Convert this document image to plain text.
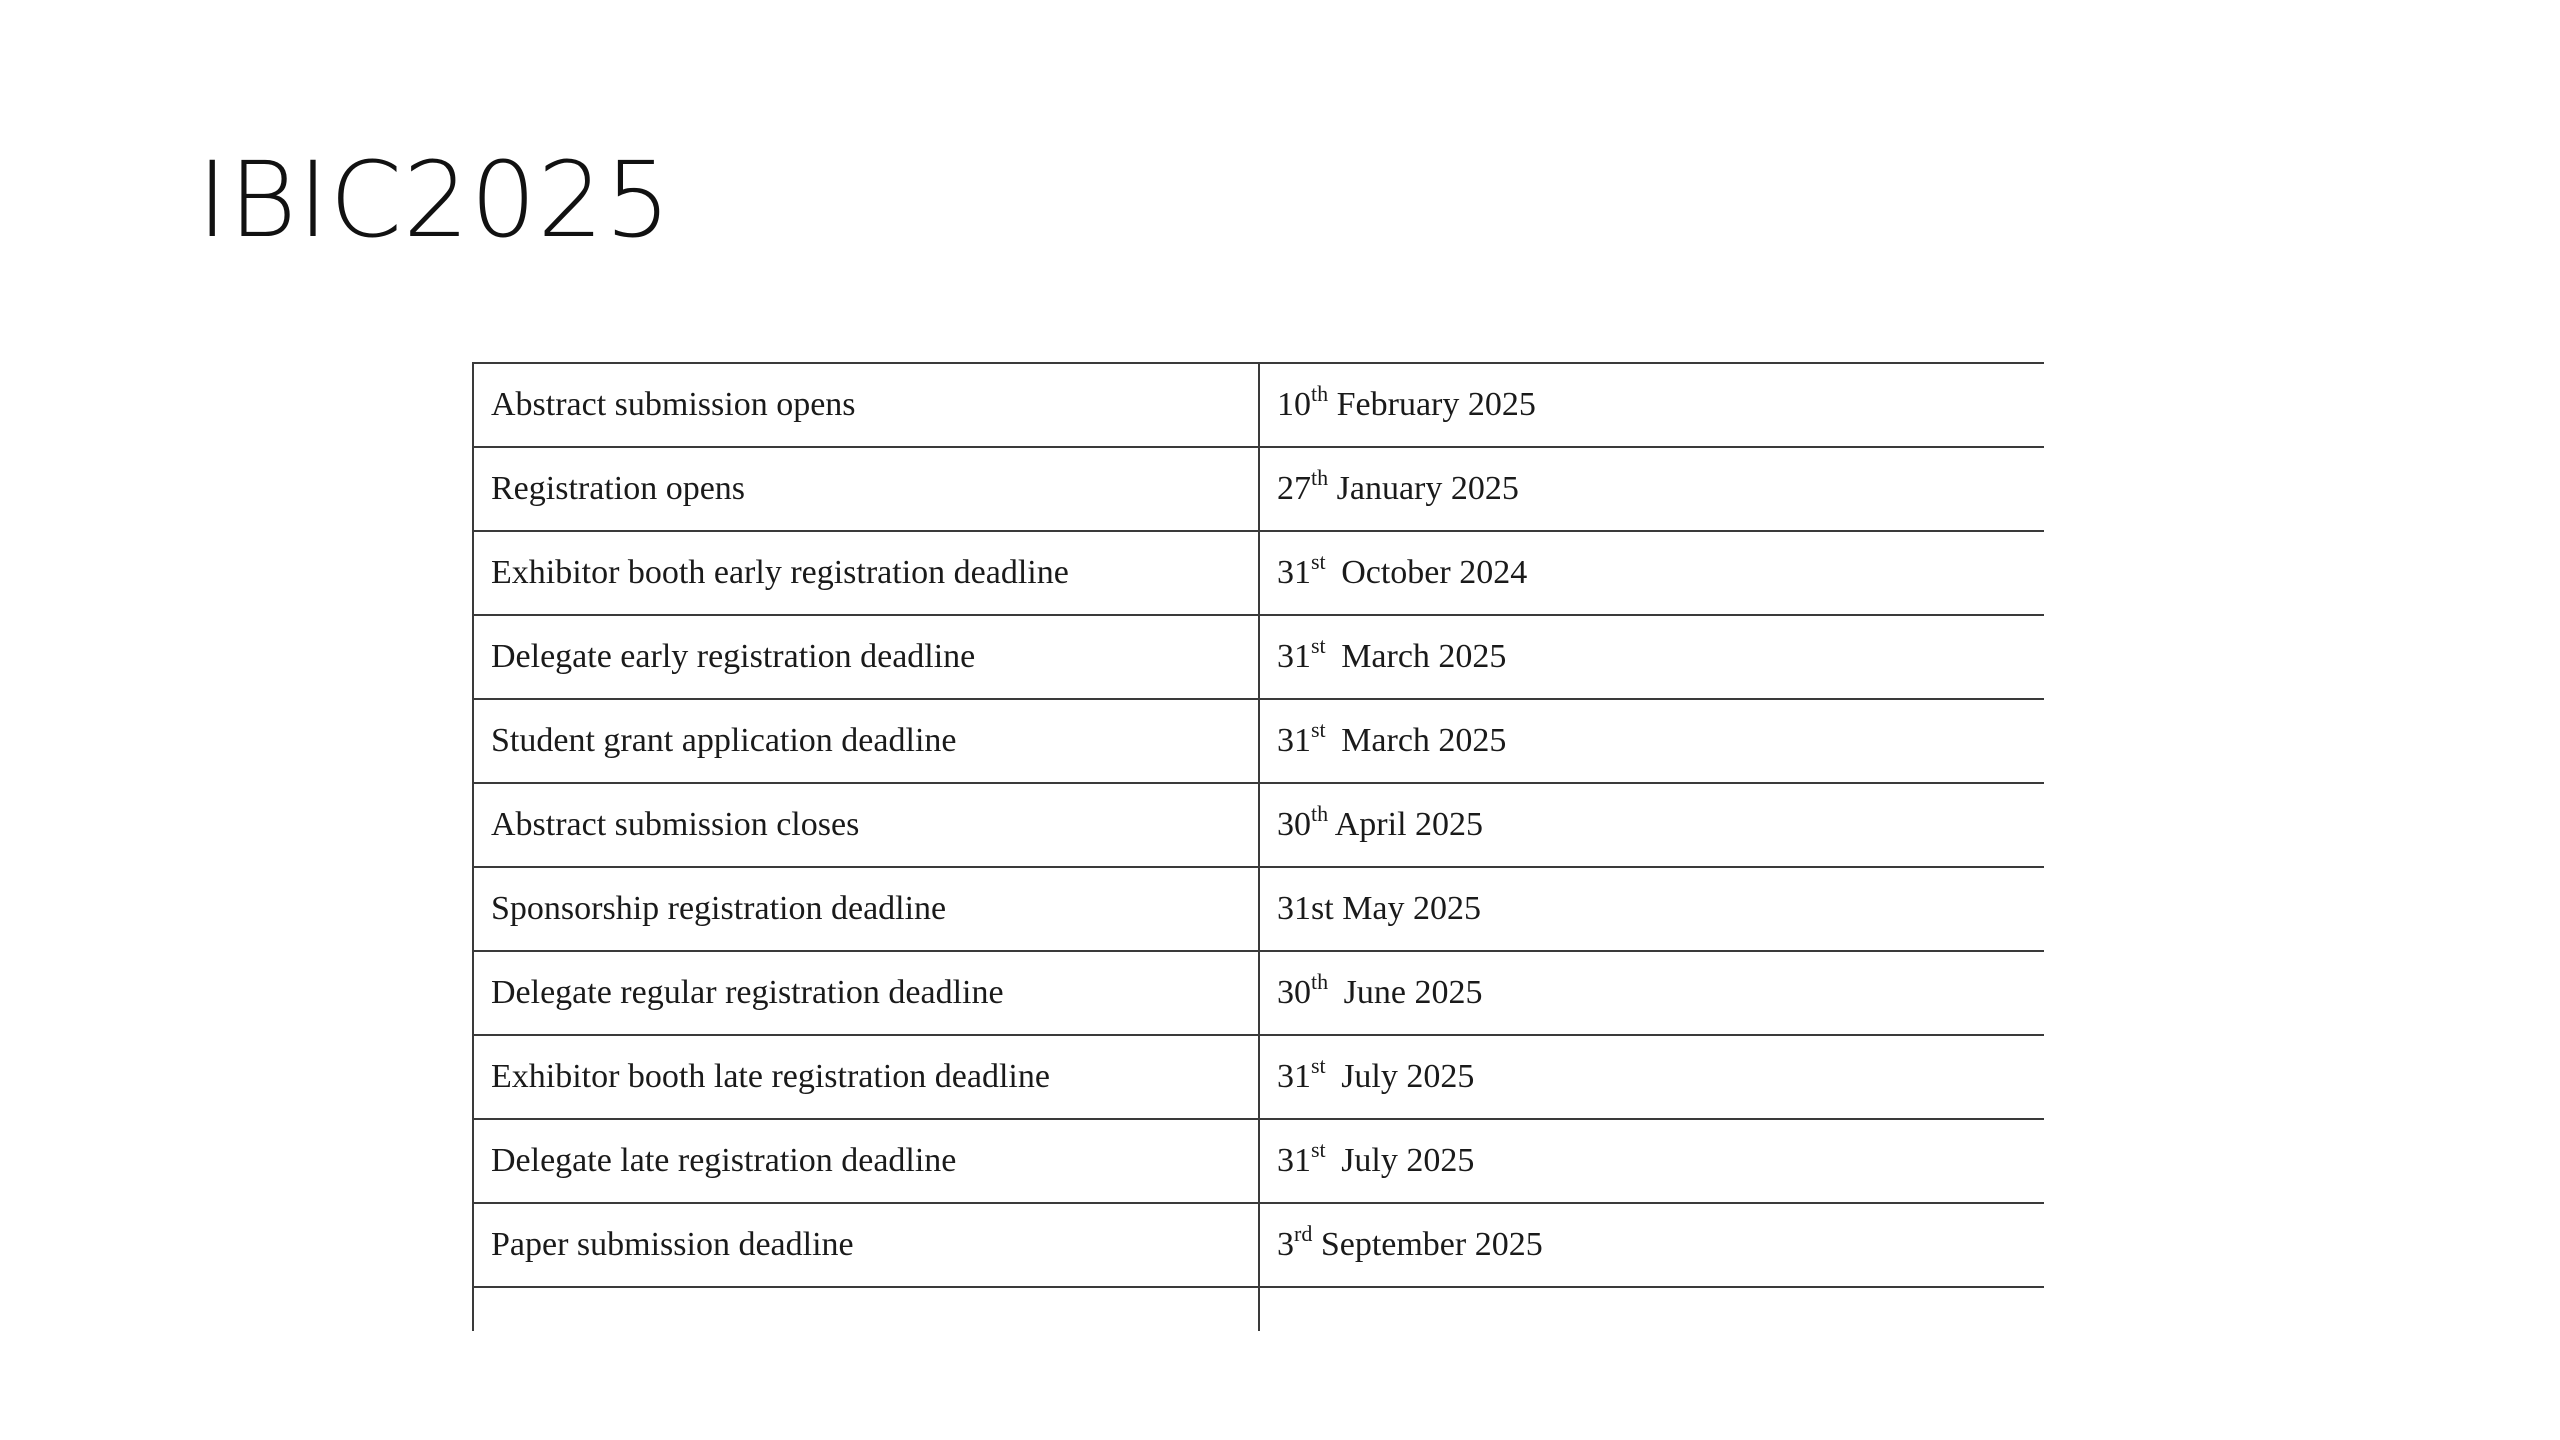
IBIC2025
Abstract submission opens	10th February 2025
Registration opens	27th January 2025
Exhibitor booth early registration deadline	31st October 2024
Delegate early registration deadline	31st March 2025
Student grant application deadline	31st March 2025
Abstract submission closes	30th April 2025
Sponsorship registration deadline	31st May 2025
Delegate regular registration deadline	30th June 2025
Exhibitor booth late registration deadline	31st July 2025
Delegate late registration deadline	31st July 2025
Paper submission deadline	3rd September 2025
